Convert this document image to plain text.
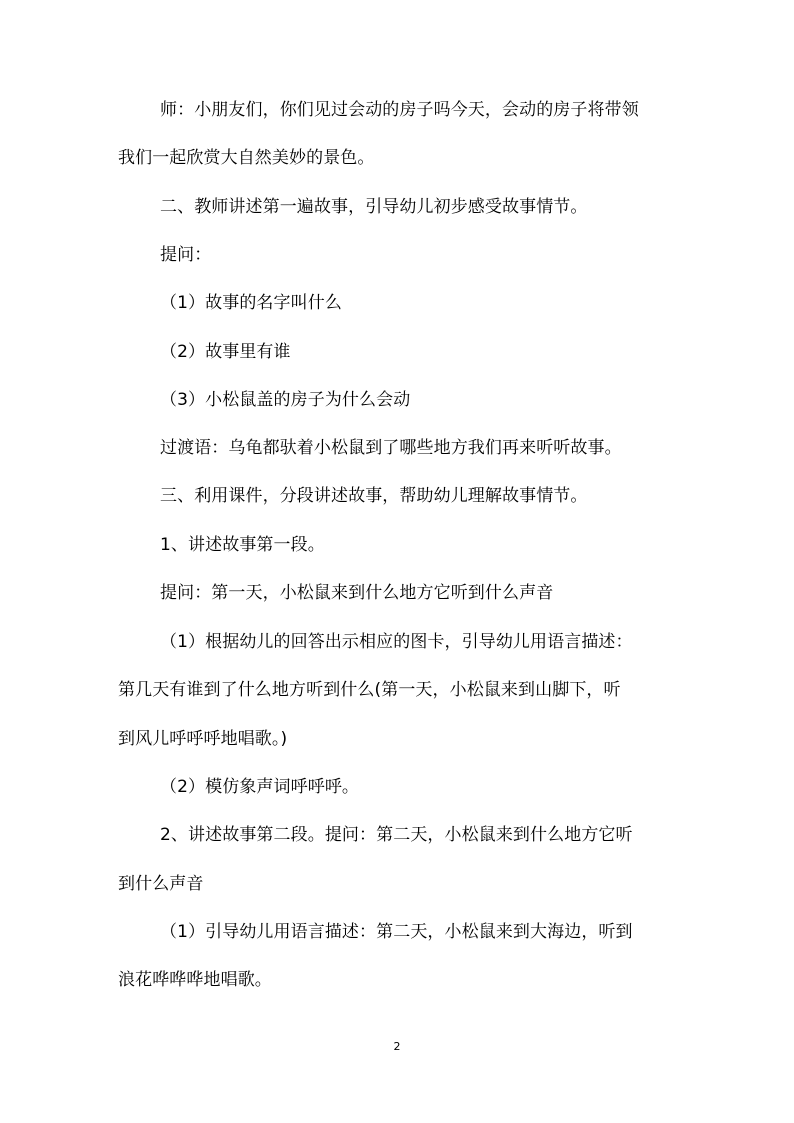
师：小朋友们，你们见过会动的房子吗今天，会动的房子将带领
我们一起欣赏大自然美妙的景色。
二、教师讲述第一遍故事，引导幼儿初步感受故事情节。
提问：
（1）故事的名字叫什么
（2）故事里有谁
（3）小松鼠盖的房子为什么会动
过渡语：乌龟都驮着小松鼠到了哪些地方我们再来听听故事。
三、利用课件，分段讲述故事，帮助幼儿理解故事情节。
1、讲述故事第一段。
提问：第一天，小松鼠来到什么地方它听到什么声音
（1）根据幼儿的回答出示相应的图卡，引导幼儿用语言描述：
第几天有谁到了什么地方听到什么(第一天，小松鼠来到山脚下，听
到风儿呼呼呼地唱歌。)
（2）模仿象声词呼呼呼。
2、讲述故事第二段。提问：第二天，小松鼠来到什么地方它听
到什么声音
（1）引导幼儿用语言描述：第二天，小松鼠来到大海边，听到
浪花哗哗哗地唱歌。
2
